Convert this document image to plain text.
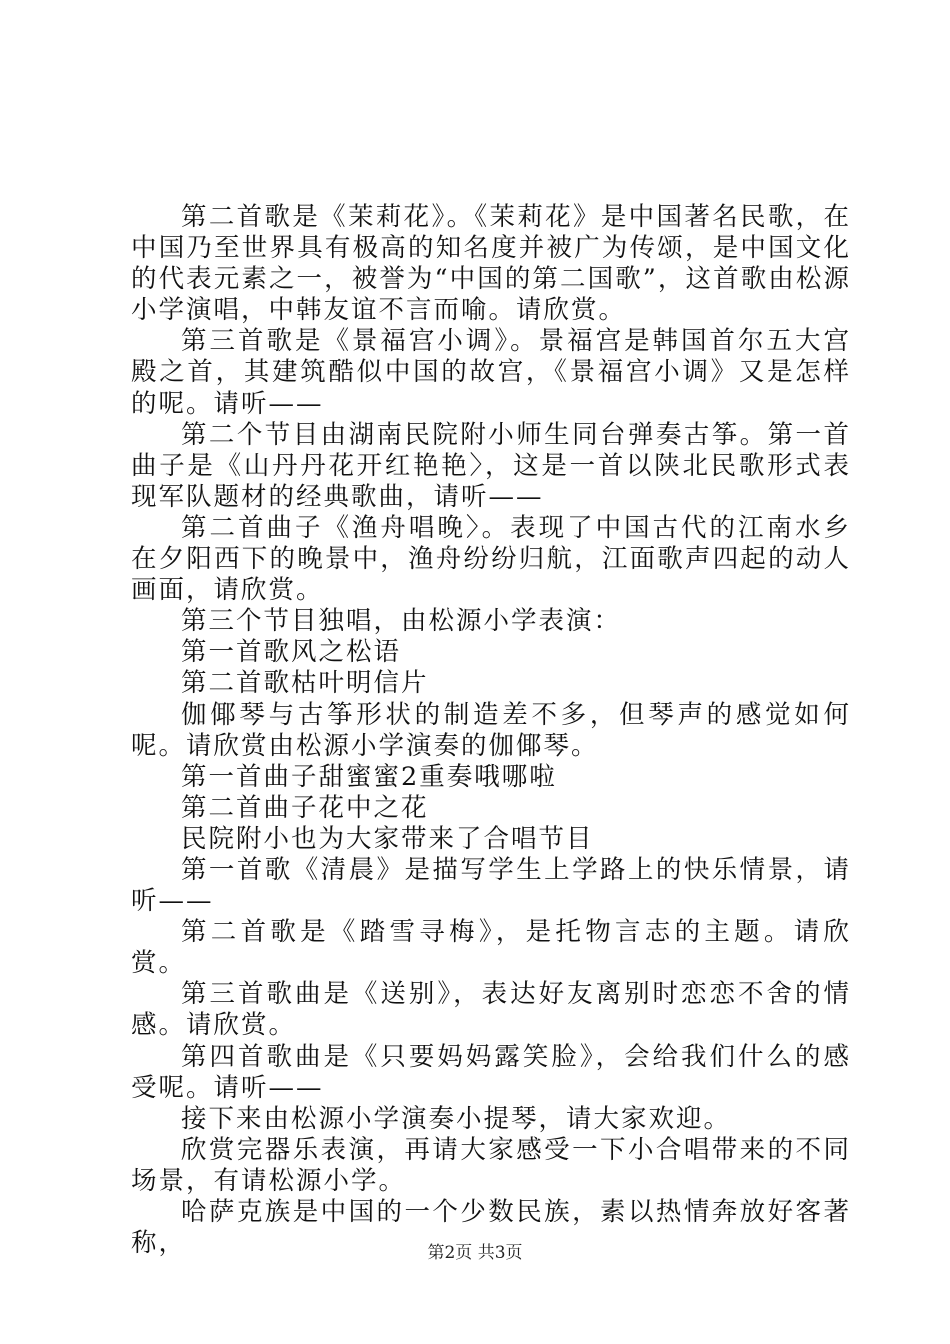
第二首歌是《茉莉花》。《茉莉花》是中国著名民歌，在中国乃至世界具有极高的知名度并被广为传颂，是中国文化的代表元素之一，被誉为“中国的第二国歌”，这首歌由松源小学演唱，中韩友谊不言而喻。请欣赏。

第三首歌是《景福宫小调》。景福宫是韩国首尔五大宫殿之首，其建筑酷似中国的故宫，《景福宫小调》又是怎样的呢。请听——

第二个节目由湖南民院附小师生同台弹奏古筝。第一首曲子是《山丹丹花开红艳艳〉，这是一首以陕北民歌形式表现军队题材的经典歌曲，请听——

第二首曲子《渔舟唱晚〉。表现了中国古代的江南水乡在夕阳西下的晚景中，渔舟纷纷归航，江面歌声四起的动人画面，请欣赏。

第三个节目独唱，由松源小学表演：

第一首歌风之松语

第二首歌枯叶明信片

伽倻琴与古筝形状的制造差不多，但琴声的感觉如何呢。请欣赏由松源小学演奏的伽倻琴。

第一首曲子甜蜜蜜2重奏哦哪啦

第二首曲子花中之花

民院附小也为大家带来了合唱节目

第一首歌《清晨》是描写学生上学路上的快乐情景，请听——

第二首歌是《踏雪寻梅》，是托物言志的主题。请欣赏。

第三首歌曲是《送别》，表达好友离别时恋恋不舍的情感。请欣赏。

第四首歌曲是《只要妈妈露笑脸》，会给我们什么的感受呢。请听——

接下来由松源小学演奏小提琴，请大家欢迎。

欣赏完器乐表演，再请大家感受一下小合唱带来的不同场景，有请松源小学。

哈萨克族是中国的一个少数民族，素以热情奔放好客著称，	第2页 共3页
